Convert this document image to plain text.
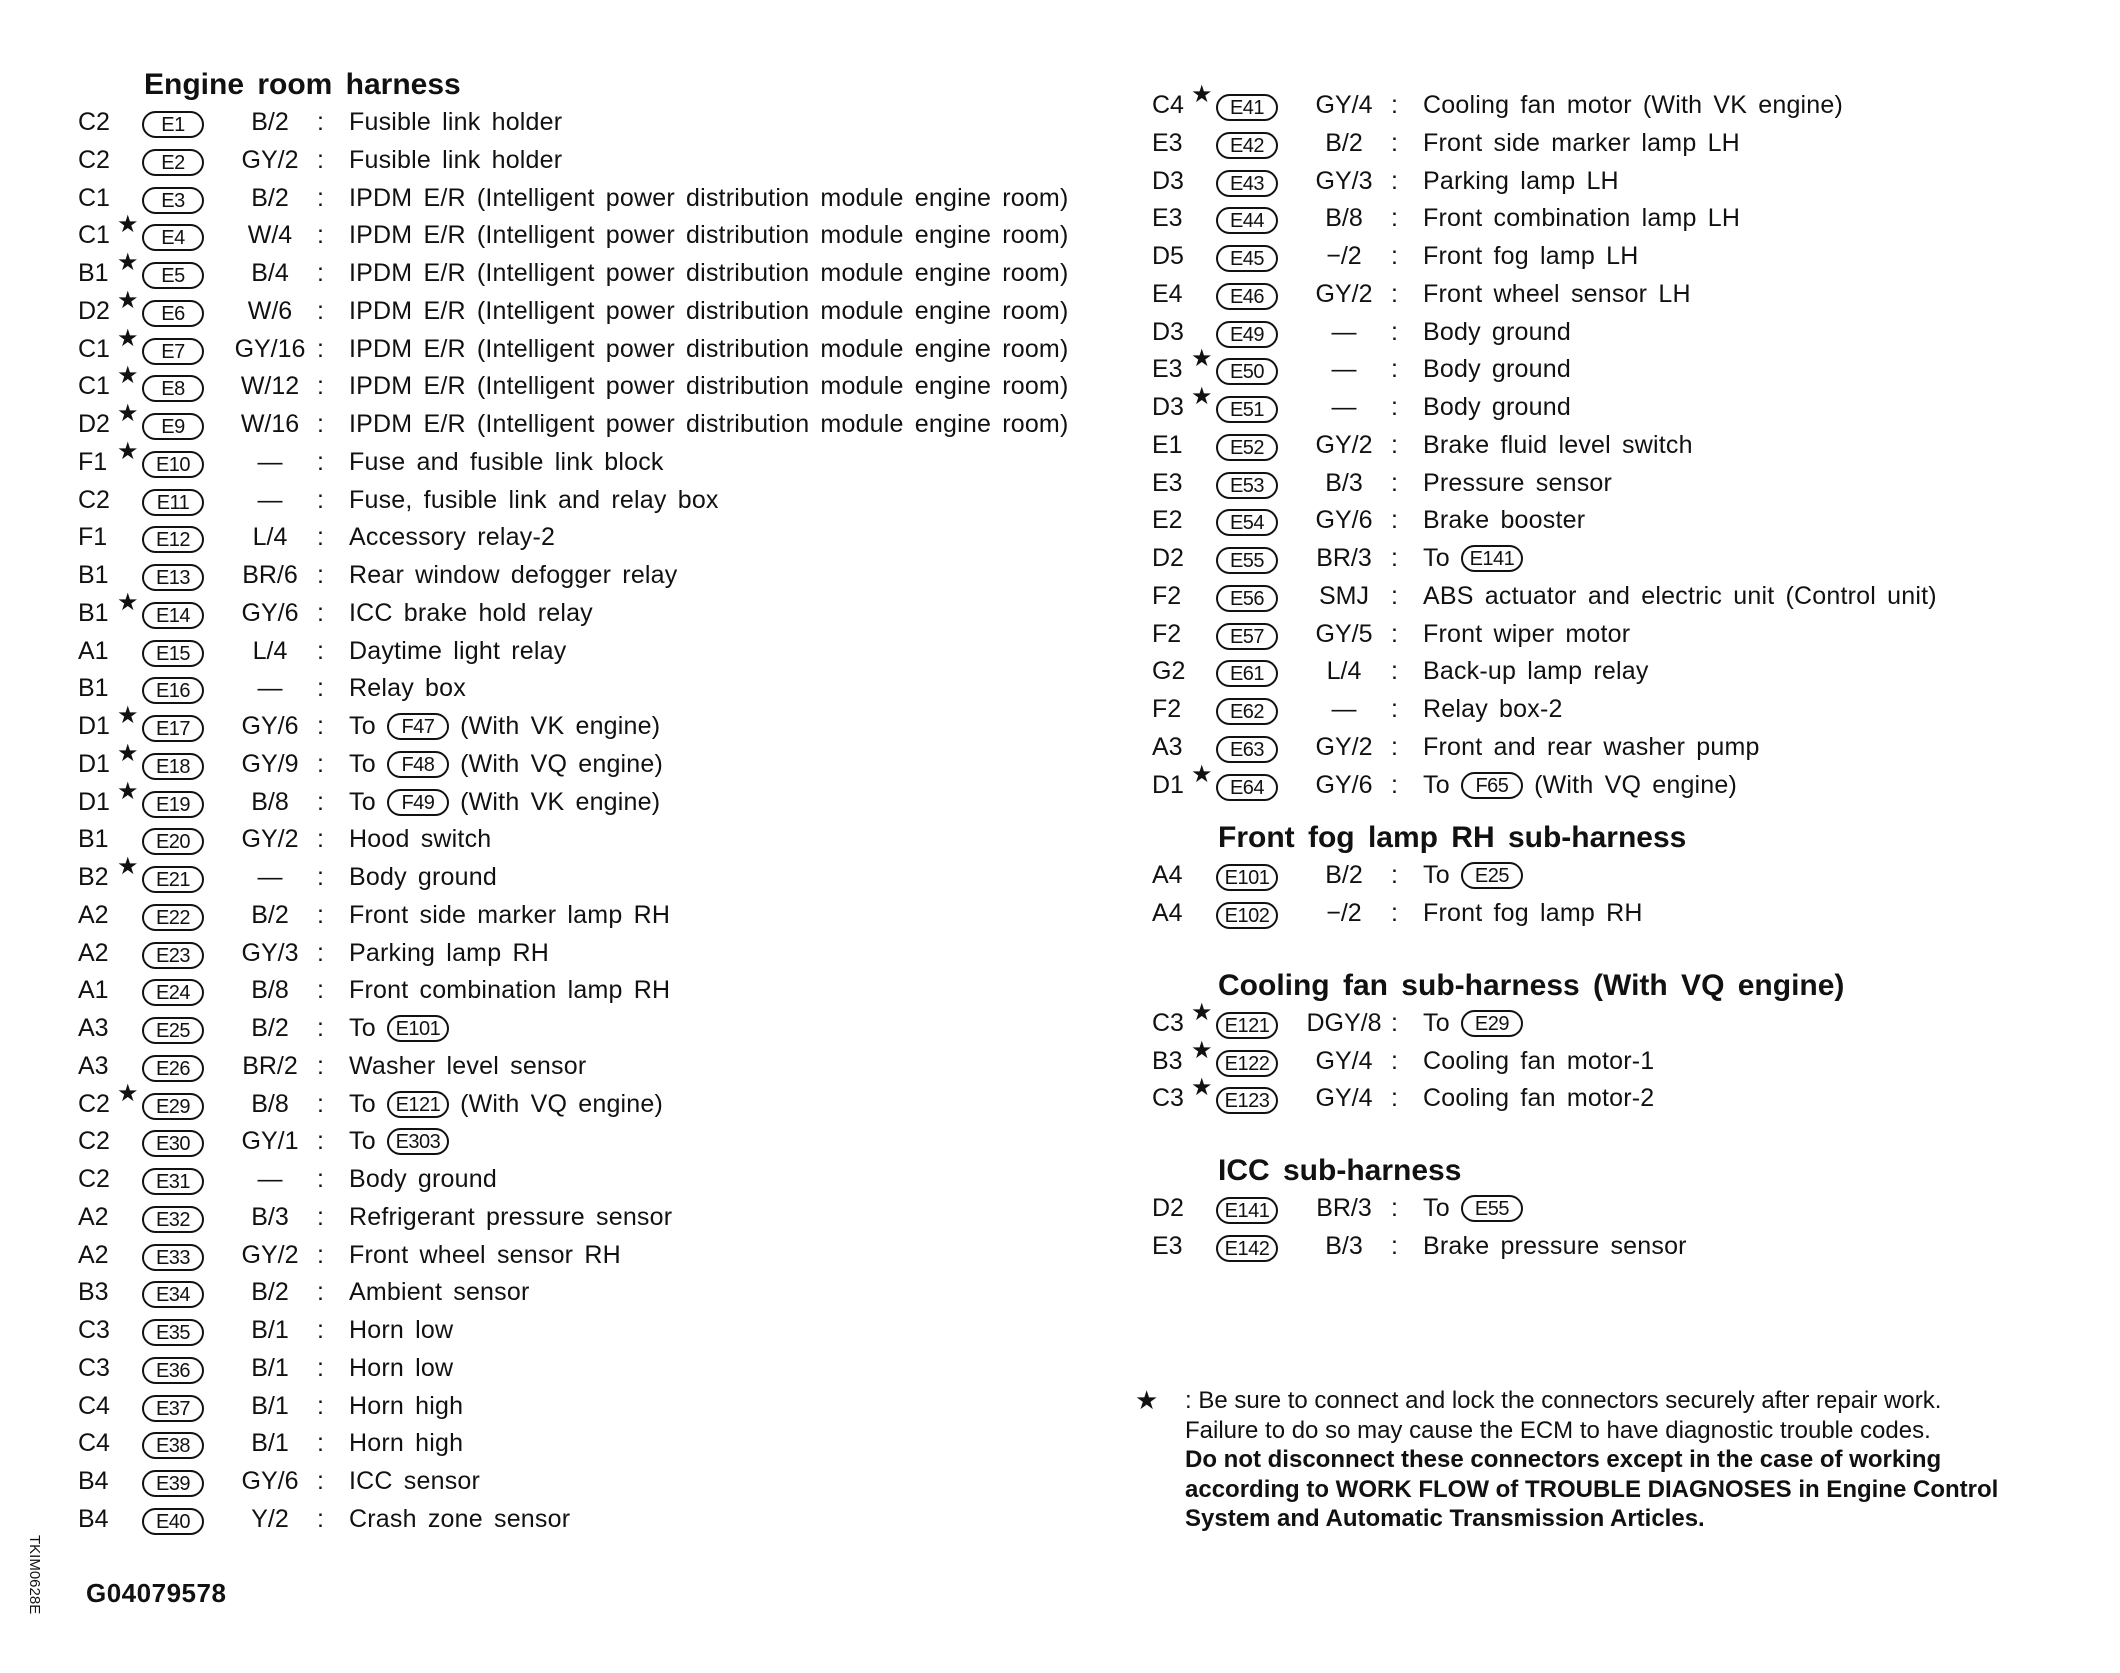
Engine room harness
C2	E1	B/2	: Fusible link holder
C2	E2	GY/2 : Fusible link holder
C1	E3	B/2	: IPDM E/R (Intelligent power distribution module engine room)
C1 ★	E4	W/4 : IPDM E/R (Intelligent power distribution module engine room)
B1 ★	E5	B/4	: IPDM E/R (Intelligent power distribution module engine room)
D2 ★	E6	W/6 : IPDM E/R (Intelligent power distribution module engine room)
C1 ★	E7	GY/16 : IPDM E/R (Intelligent power distribution module engine room)
C1 ★	E8	W/12 : IPDM E/R (Intelligent power distribution module engine room)
D2 ★	E9	W/16 : IPDM E/R (Intelligent power distribution module engine room)
F1 ★ E10	—	: Fuse and fusible link block
C2	E11	—	: Fuse, fusible link and relay box
F1	E12	L/4	: Accessory relay-2
B1	E13	BR/6 : Rear window defogger relay
B1 ★ E14	GY/6 : ICC brake hold relay
A1	E15	L/4	: Daytime light relay
B1	E16	—	: Relay box
D1 ★ E17	GY/6 : To F47 (With VK engine)
D1 ★ E18	GY/9 : To F48 (With VQ engine)
D1 ★ E19	B/8	: To F49 (With VK engine)
B1	E20	GY/2 : Hood switch
B2 ★ E21	—	: Body ground
A2	E22	B/2	: Front side marker lamp RH
A2	E23	GY/3 : Parking lamp RH
A1	E24	B/8	: Front combination lamp RH
A3	E25	B/2	: To E101
A3	E26	BR/2 : Washer level sensor
C2 ★ E29	B/8	: To E121 (With VQ engine)
C2	E30	GY/1 : To E303
C2	E31	—	: Body ground
A2	E32	B/3	: Refrigerant pressure sensor
A2	E33	GY/2 : Front wheel sensor RH
B3	E34	B/2	: Ambient sensor
C3	E35	B/1	: Horn low
C3	E36	B/1	: Horn low
C4	E37	B/1	: Horn high
C4	E38	B/1	: Horn high
B4	E39	GY/6 : ICC sensor
B4	E40	Y/2	: Crash zone sensor
C4 ★ E41	GY/4 : Cooling fan motor (With VK engine)
E3	E42	B/2	: Front side marker lamp LH
D3	E43	GY/3 : Parking lamp LH
E3	E44	B/8	: Front combination lamp LH
D5	E45	−/2	: Front fog lamp LH
E4	E46	GY/2 : Front wheel sensor LH
D3	E49	—	: Body ground
E3 ★ E50	—	: Body ground
D3 ★ E51	—	: Body ground
E1	E52	GY/2 : Brake fluid level switch
E3	E53	B/3	: Pressure sensor
E2	E54	GY/6 : Brake booster
D2	E55	BR/3 : To E141
F2	E56	SMJ : ABS actuator and electric unit (Control unit)
F2	E57	GY/5 : Front wiper motor
G2	E61	L/4	: Back-up lamp relay
F2	E62	—	: Relay box-2
A3	E63	GY/2 : Front and rear washer pump
D1 ★ E64	GY/6 : To F65 (With VQ engine)
Front fog lamp RH sub-harness
A4	E101	B/2	: To E25
A4	E102	−/2	: Front fog lamp RH
Cooling fan sub-harness (With VQ engine)
C3 ★ E121	DGY/8 : To E29
B3 ★ E122	GY/4 : Cooling fan motor-1
C3 ★ E123	GY/4 : Cooling fan motor-2
ICC sub-harness
D2	E141	BR/3 : To E55
E3	E142	B/3	: Brake pressure sensor
★ : Be sure to connect and lock the connectors securely after repair work.
Failure to do so may cause the ECM to have diagnostic trouble codes.
Do not disconnect these connectors except in the case of working
according to WORK FLOW of TROUBLE DIAGNOSES in Engine Control
System and Automatic Transmission Articles.
TKIM0628E G04079578
